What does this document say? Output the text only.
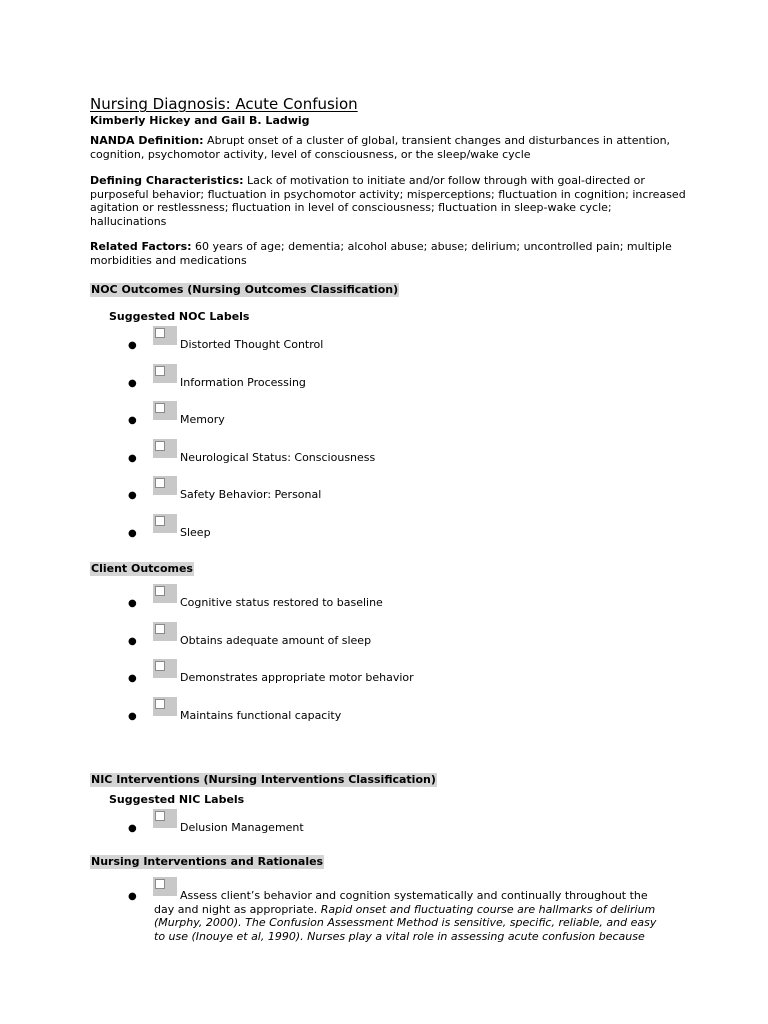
Nursing Diagnosis: Acute Confusion
Kimberly Hickey and Gail B. Ladwig

NANDA Definition: Abrupt onset of a cluster of global, transient changes and disturbances in attention, cognition, psychomotor activity, level of consciousness, or the sleep/wake cycle

Defining Characteristics: Lack of motivation to initiate and/or follow through with goal-directed or purposeful behavior; fluctuation in psychomotor activity; misperceptions; fluctuation in cognition; increased agitation or restlessness; fluctuation in level of consciousness; fluctuation in sleep-wake cycle; hallucinations

Related Factors: 60 years of age; dementia; alcohol abuse; abuse; delirium; uncontrolled pain; multiple morbidities and medications

NOC Outcomes (Nursing Outcomes Classification)
Suggested NOC Labels
●	Distorted Thought Control
●	Information Processing
●	Memory
●	Neurological Status: Consciousness
●	Safety Behavior: Personal
●	Sleep
Client Outcomes
●	Cognitive status restored to baseline
●	Obtains adequate amount of sleep
●	Demonstrates appropriate motor behavior
●	Maintains functional capacity
NIC Interventions (Nursing Interventions Classification)
Suggested NIC Labels
●	Delusion Management
Nursing Interventions and Rationales
●	Assess client’s behavior and cognition systematically and continually throughout the day and night as appropriate. Rapid onset and fluctuating course are hallmarks of delirium (Murphy, 2000). The Confusion Assessment Method is sensitive, specific, reliable, and easy to use (Inouye et al, 1990). Nurses play a vital role in assessing acute confusion because
